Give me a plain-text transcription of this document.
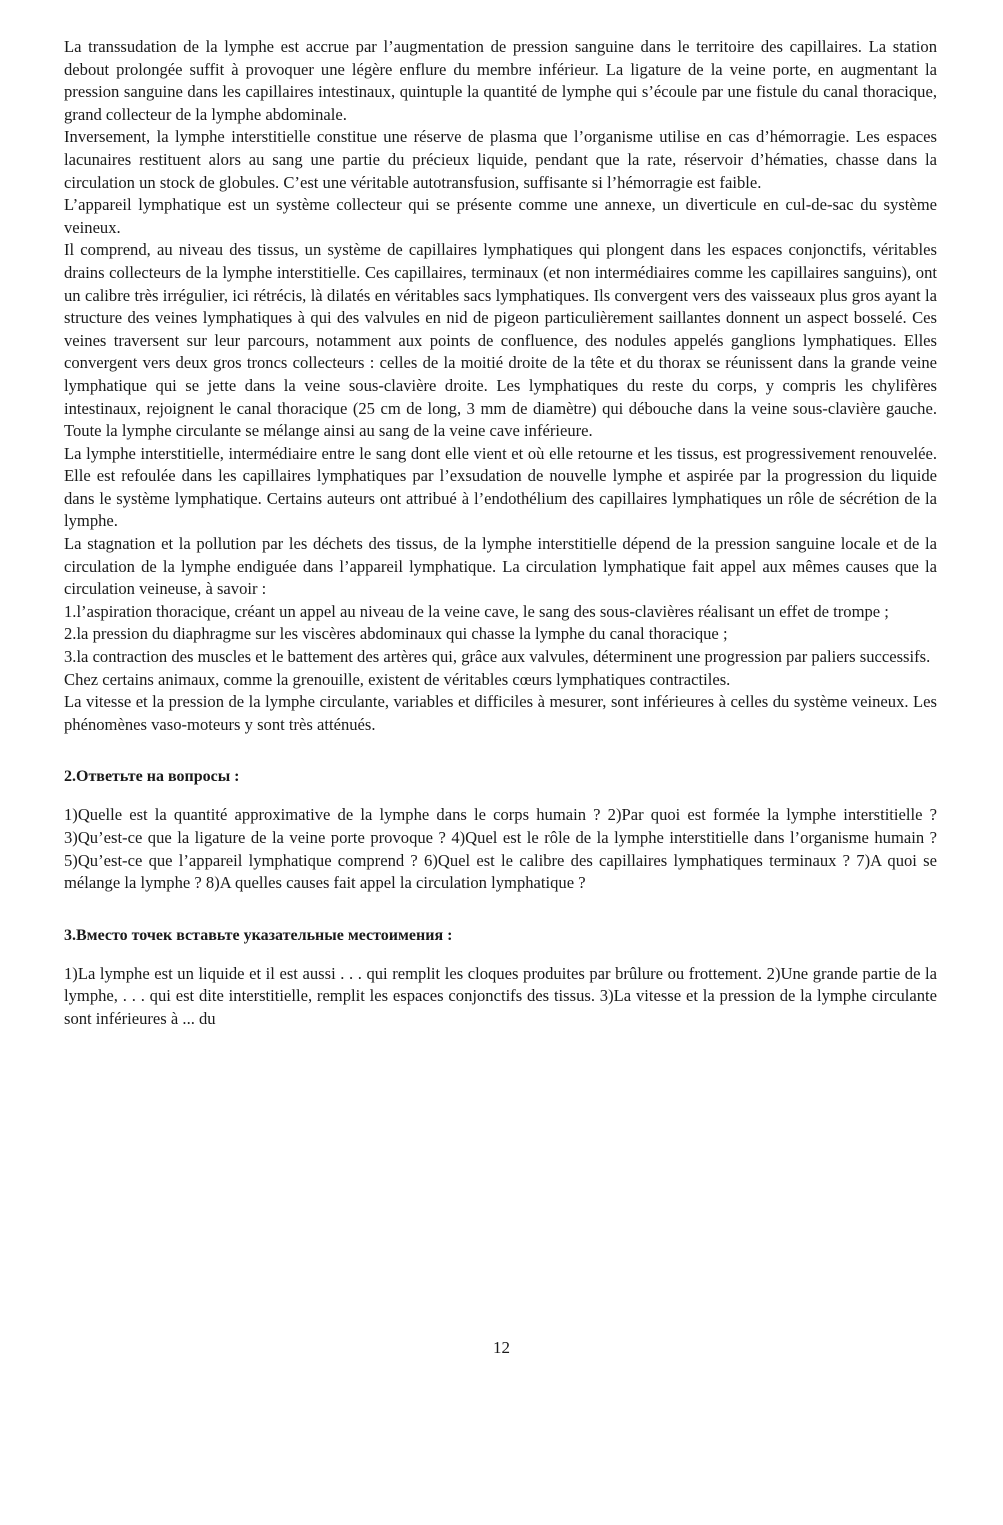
La transsudation de la lymphe est accrue par l’augmentation de pression sanguine dans le territoire des capillaires. La station debout prolongée suffit à provoquer une légère enflure du membre inférieur. La ligature de la veine porte, en augmentant la pression sanguine dans les capillaires intestinaux, quintuple la quantité de lymphe qui s’écoule par une fistule du canal thoracique, grand collecteur de la lymphe abdominale.

Inversement, la lymphe interstitielle constitue une réserve de plasma que l’organisme utilise en cas d’hémorragie. Les espaces lacunaires restituent alors au sang une partie du précieux liquide, pendant que la rate, réservoir d’hématies, chasse dans la circulation un stock de globules. C’est une véritable autotransfusion, suffisante si l’hémorragie est faible.

L’appareil lymphatique est un système collecteur qui se présente comme une annexe, un diverticule en cul-de-sac du système veineux.

Il comprend, au niveau des tissus, un système de capillaires lymphatiques qui plongent dans les espaces conjonctifs, véritables drains collecteurs de la lymphe interstitielle. Ces capillaires, terminaux (et non intermédiaires comme les capillaires sanguins), ont un calibre très irrégulier, ici rétrécis, là dilatés en véritables sacs lymphatiques. Ils convergent vers des vaisseaux plus gros ayant la structure des veines lymphatiques à qui des valvules en nid de pigeon particulièrement saillantes donnent un aspect bosselé. Ces veines traversent sur leur parcours, notamment aux points de confluence, des nodules appelés ganglions lymphatiques. Elles convergent vers deux gros troncs collecteurs : celles de la moitié droite de la tête et du thorax se réunissent dans la grande veine lymphatique qui se jette dans la veine sous-clavière droite. Les lymphatiques du reste du corps, y compris les chylifères intestinaux, rejoignent le canal thoracique (25 cm de long, 3 mm de diamètre) qui débouche dans la veine sous-clavière gauche. Toute la lymphe circulante se mélange ainsi au sang de la veine cave inférieure.

La lymphe interstitielle, intermédiaire entre le sang dont elle vient et où elle retourne et les tissus, est progressivement renouvelée. Elle est refoulée dans les capillaires lymphatiques par l’exsudation de nouvelle lymphe et aspirée par la progression du liquide dans le système lymphatique. Certains auteurs ont attribué à l’endothélium des capillaires lymphatiques un rôle de sécrétion de la lymphe.

La stagnation et la pollution par les déchets des tissus, de la lymphe interstitielle dépend de la pression sanguine locale et de la circulation de la lymphe endiguée dans l’appareil lymphatique. La circulation lymphatique fait appel aux mêmes causes que la circulation veineuse, à savoir :

1.l’aspiration thoracique, créant un appel au niveau de la veine cave, le sang des sous-clavières réalisant un effet de trompe ;

2.la pression du diaphragme sur les viscères abdominaux qui chasse la lymphe du canal thoracique ;

3.la contraction des muscles et le battement des artères qui, grâce aux valvules, déterminent une progression par paliers successifs.

Chez certains animaux, comme la grenouille, existent de véritables cœurs lymphatiques contractiles.

La vitesse et la pression de la lymphe circulante, variables et difficiles à mesurer, sont inférieures à celles du système veineux. Les phénomènes vaso-moteurs y sont très atténués.

2.Ответьте на вопросы :

1)Quelle est la quantité approximative de la lymphe dans le corps humain ? 2)Par quoi est formée la lymphe interstitielle ? 3)Qu’est-ce que la ligature de la veine porte provoque ? 4)Quel est le rôle de la lymphe interstitielle dans l’organisme humain ? 5)Qu’est-ce que l’appareil lymphatique comprend ? 6)Quel est le calibre des capillaires lymphatiques terminaux ? 7)A quoi se mélange la lymphe ? 8)A quelles causes fait appel la circulation lymphatique ?

3.Вместо точек вставьте указательные местоимения :

1)La lymphe est un liquide et il est aussi . . . qui remplit les cloques produites par brûlure ou frottement. 2)Une grande partie de la lymphe, . . . qui est dite interstitielle, remplit les espaces conjonctifs des tissus. 3)La vitesse et la pression de la lymphe circulante sont inférieures à ... du

12
